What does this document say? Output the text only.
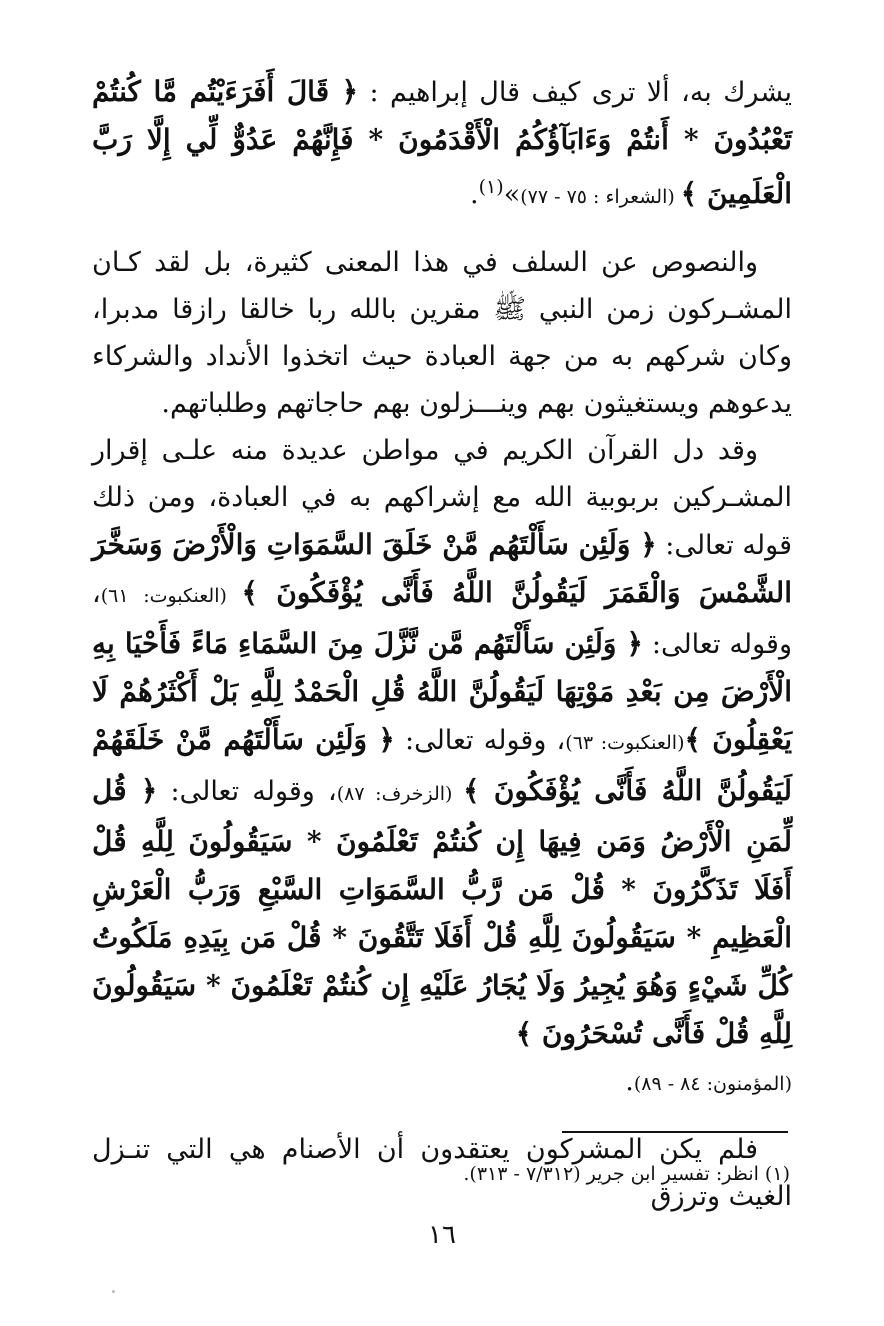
يشرك به، ألا ترى كيف قال إبراهيم : ﴿ قَالَ أَفَرَءَيْتُم مَّا كُنتُمْ تَعْبُدُونَ * أَنتُمْ وَءَابَآؤُكُمُ الْأَقْدَمُونَ * فَإِنَّهُمْ عَدُوٌّ لِّي إِلَّا رَبَّ الْعَلَمِينَ ﴾ (الشعراء : ٧٥ - ٧٧)»$^{(١)}$.

والنصوص عن السلف في هذا المعنى كثيرة، بل لقد كـان المشـركون زمن النبي ﷺ مقرين بالله ربا خالقا رازقا مدبرا، وكان شركهم به من جهة العبادة حيث اتخذوا الأنداد والشركاء يدعوهم ويستغيثون بهم وينـــزلون بهم حاجاتهم وطلباتهم.

وقد دل القرآن الكريم في مواطن عديدة منه علـى إقرار المشـركين بربوبية الله مع إشراكهم به في العبادة، ومن ذلك قوله تعالى: ﴿ وَلَئِن سَأَلْتَهُم مَّنْ خَلَقَ السَّمَوَاتِ وَالْأَرْضَ وَسَخَّرَ الشَّمْسَ وَالْقَمَرَ لَيَقُولُنَّ اللَّهُ فَأَنَّى يُؤْفَكُونَ ﴾ (العنكبوت: ٦١)، وقوله تعالى: ﴿ وَلَئِن سَأَلْتَهُم مَّن نَّزَّلَ مِنَ السَّمَاءِ مَاءً فَأَحْيَا بِهِ الْأَرْضَ مِن بَعْدِ مَوْتِهَا لَيَقُولُنَّ اللَّهُ قُلِ الْحَمْدُ لِلَّهِ بَلْ أَكْثَرُهُمْ لَا يَعْقِلُونَ ﴾(العنكبوت: ٦٣)، وقوله تعالى: ﴿ وَلَئِن سَأَلْتَهُم مَّنْ خَلَقَهُمْ لَيَقُولُنَّ اللَّهُ فَأَنَّى يُؤْفَكُونَ ﴾ (الزخرف: ٨٧)، وقوله تعالى: ﴿ قُل لِّمَنِ الْأَرْضُ وَمَن فِيهَا إِن كُنتُمْ تَعْلَمُونَ * سَيَقُولُونَ لِلَّهِ قُلْ أَفَلَا تَذَكَّرُونَ * قُلْ مَن رَّبُّ السَّمَوَاتِ السَّبْعِ وَرَبُّ الْعَرْشِ الْعَظِيمِ * سَيَقُولُونَ لِلَّهِ قُلْ أَفَلَا تَتَّقُونَ * قُلْ مَن بِيَدِهِ مَلَكُوتُ كُلِّ شَيْءٍ وَهُوَ يُجِيرُ وَلَا يُجَارُ عَلَيْهِ إِن كُنتُمْ تَعْلَمُونَ * سَيَقُولُونَ لِلَّهِ قُلْ فَأَنَّى تُسْحَرُونَ ﴾

(المؤمنون: ٨٤ - ٨٩).

فلم يكن المشركون يعتقدون أن الأصنام هي التي تنـزل الغيث وترزق

(١) انظر: تفسير ابن جرير (٧/٣١٢ - ٣١٣).
١٦
